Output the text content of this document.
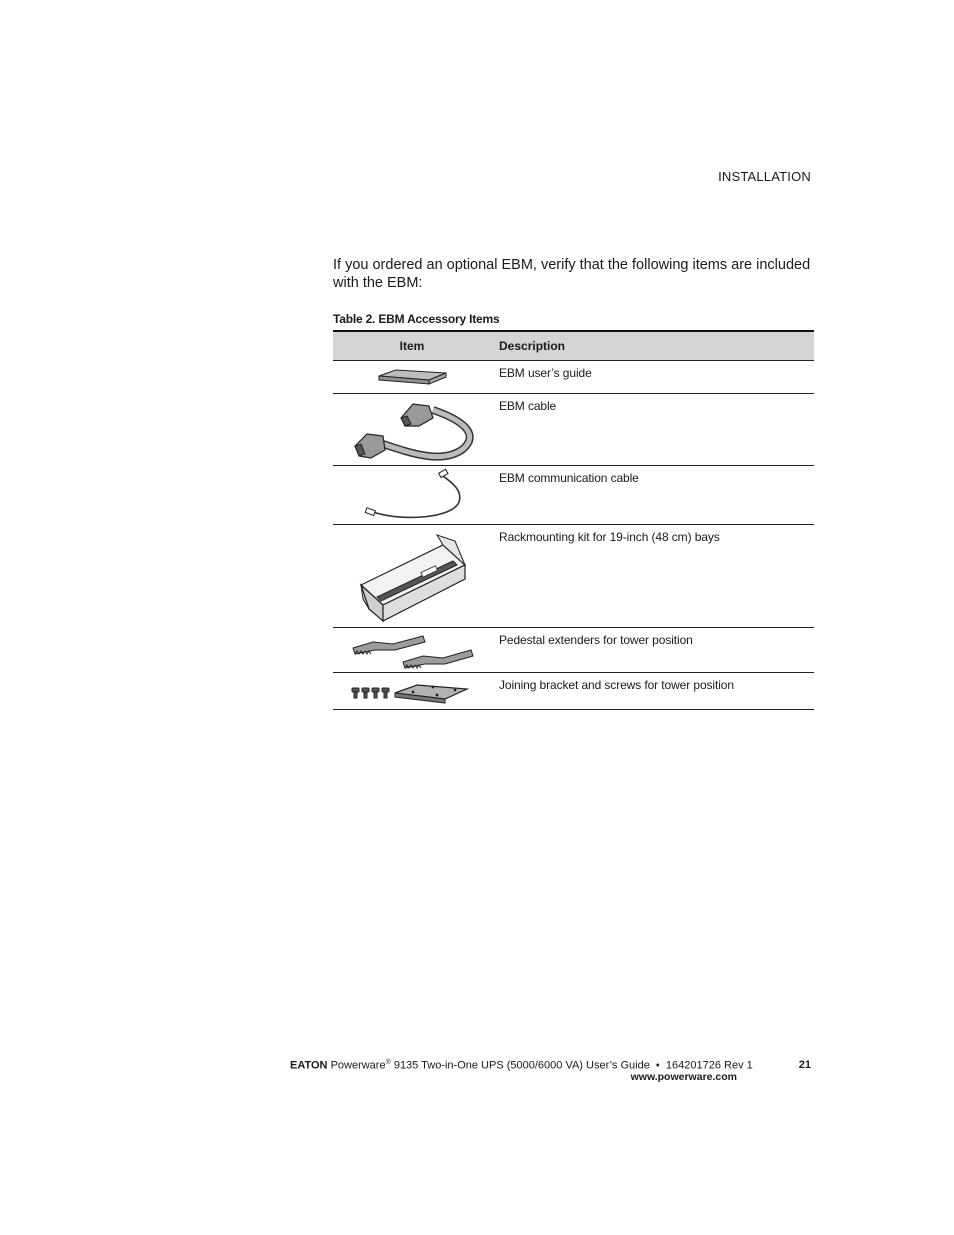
INSTALLATION
If you ordered an optional EBM, verify that the following items are included with the EBM:
Table 2. EBM Accessory Items
Item	Description
EBM user’s guide
EBM cable
EBM communication cable
Rackmounting kit for 19-inch (48 cm) bays
Pedestal extenders for tower position
Joining bracket and screws for tower position
EATON Powerware® 9135 Two-in-One UPS (5000/6000 VA) User’s Guide  •  164201726 Rev 1	21
www.powerware.com
